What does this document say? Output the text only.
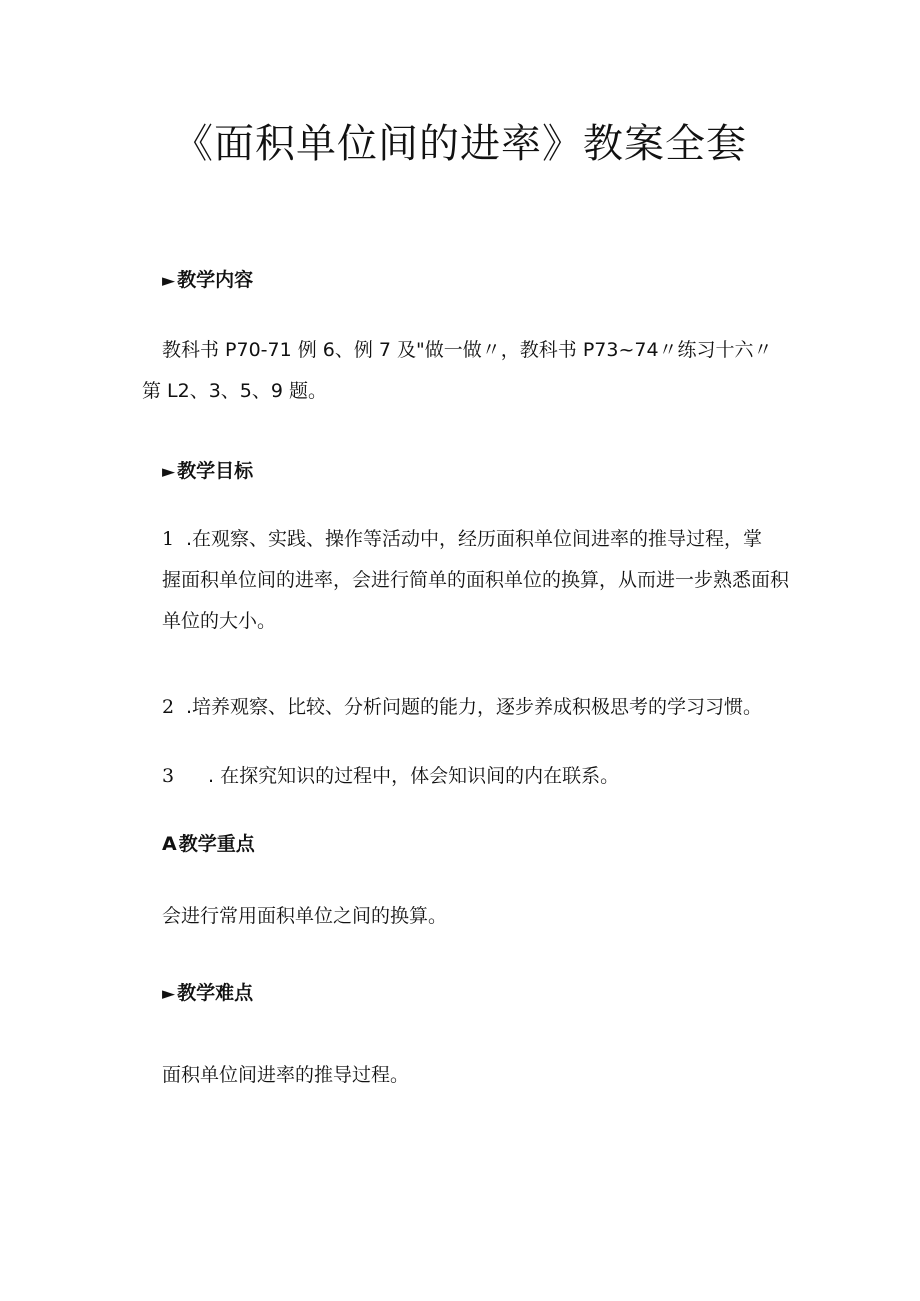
《面积单位间的进率》教案全套
► 教学内容
教科书 P70-71 例 6、例 7 及"做一做〃，教科书 P73~74〃练习十六〃
第 L2、3、5、9 题。
► 教学目标
1 .在观察、实践、操作等活动中，经历面积单位间进率的推导过程，掌
握面积单位间的进率，会进行简单的面积单位的换算，从而进一步熟悉面积
单位的大小。
2 .培养观察、比较、分析问题的能力，逐步养成积极思考的学习习惯。
3 . 在探究知识的过程中，体会知识间的内在联系。
A 教学重点
会进行常用面积单位之间的换算。
► 教学难点
面积单位间进率的推导过程。
